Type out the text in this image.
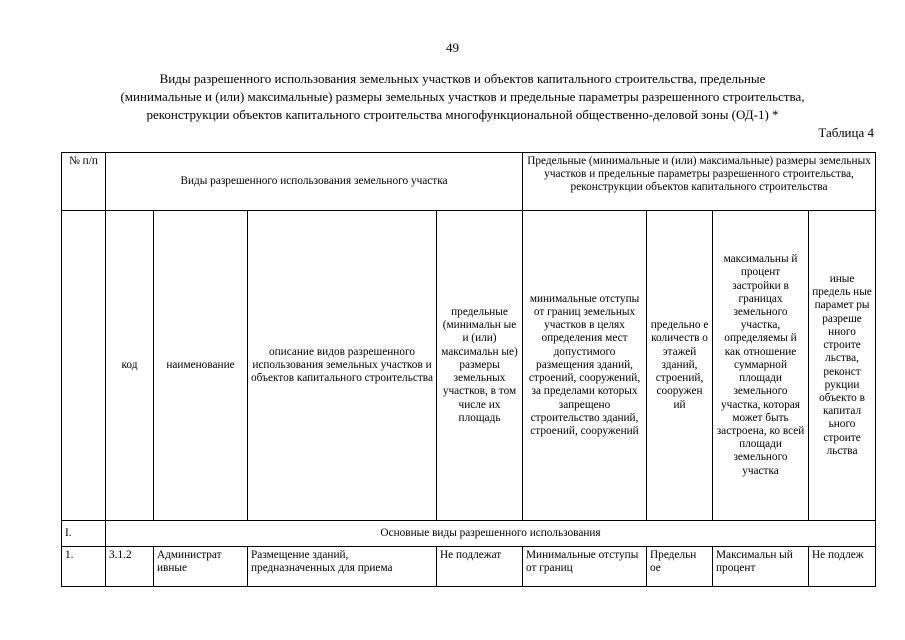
49
Виды разрешенного использования земельных участков и объектов капитального строительства, предельные
(минимальные и (или) максимальные) размеры земельных участков и предельные параметры разрешенного строительства,
реконструкции объектов капитального строительства многофункциональной общественно-деловой зоны (ОД-1) *
Таблица 4
№ п/п	Виды разрешенного использования земельного участка				Предельные (минимальные и (или) максимальные) размеры земельных участков и предельные параметры разрешенного строительства, реконструкции объектов капитального строительства			
	код	наименование	описание видов разрешенного использования земельных участков и объектов капитального строительства	предельные (минимальн ые и (или) максимальн ые) размеры земельных участков, в том числе их площадь	минимальные отступы от границ земельных участков в целях определения мест допустимого размещения зданий, строений, сооружений, за пределами которых запрещено строительство зданий, строений, сооружений	предельно е количеств о этажей зданий, строений, сооружен ий	максимальны й процент застройки в границах земельного участка, определяемы й как отношение суммарной площади земельного участка, которая может быть застроена, ко всей площади земельного участка	иные предель ные парамет ры разреше нного строите льства, реконст рукции объекто в капитал ьного строите льства
I.	Основные виды разрешенного использования							
1.	3.1.2	Администрат ивные	Размещение зданий, предназначенных для приема	Не подлежат	Минимальные отступы от границ	Предельн ое	Максимальн ый процент	Не подлеж
